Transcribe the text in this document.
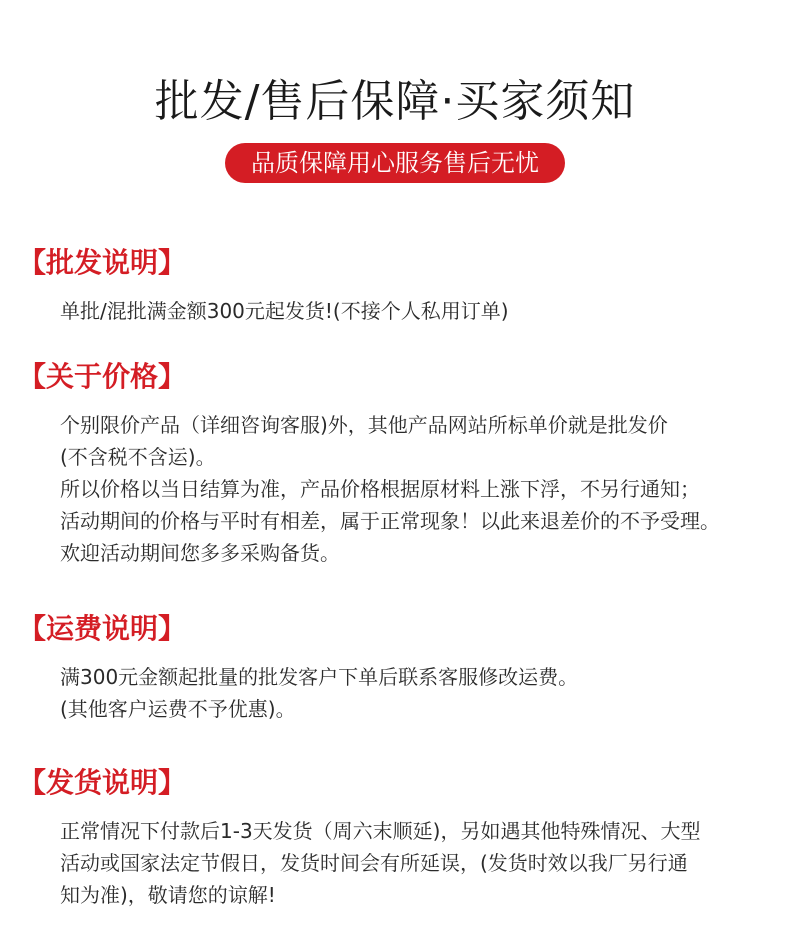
批发/售后保障·买家须知
品质保障用心服务售后无忧
【批发说明】
单批/混批满金额300元起发货!(不接个人私用订单)
【关于价格】
个别限价产品（详细咨询客服)外，其他产品网站所标单价就是批发价
(不含税不含运)。
所以价格以当日结算为准，产品价格根据原材料上涨下浮，不另行通知；
活动期间的价格与平时有相差，属于正常现象！以此来退差价的不予受理。
欢迎活动期间您多多采购备货。
【运费说明】
满300元金额起批量的批发客户下单后联系客服修改运费。
(其他客户运费不予优惠)。
【发货说明】
正常情况下付款后1-3天发货（周六末顺延)，另如遇其他特殊情况、大型
活动或国家法定节假日，发货时间会有所延误，(发货时效以我厂另行通
知为准)，敬请您的谅解!
